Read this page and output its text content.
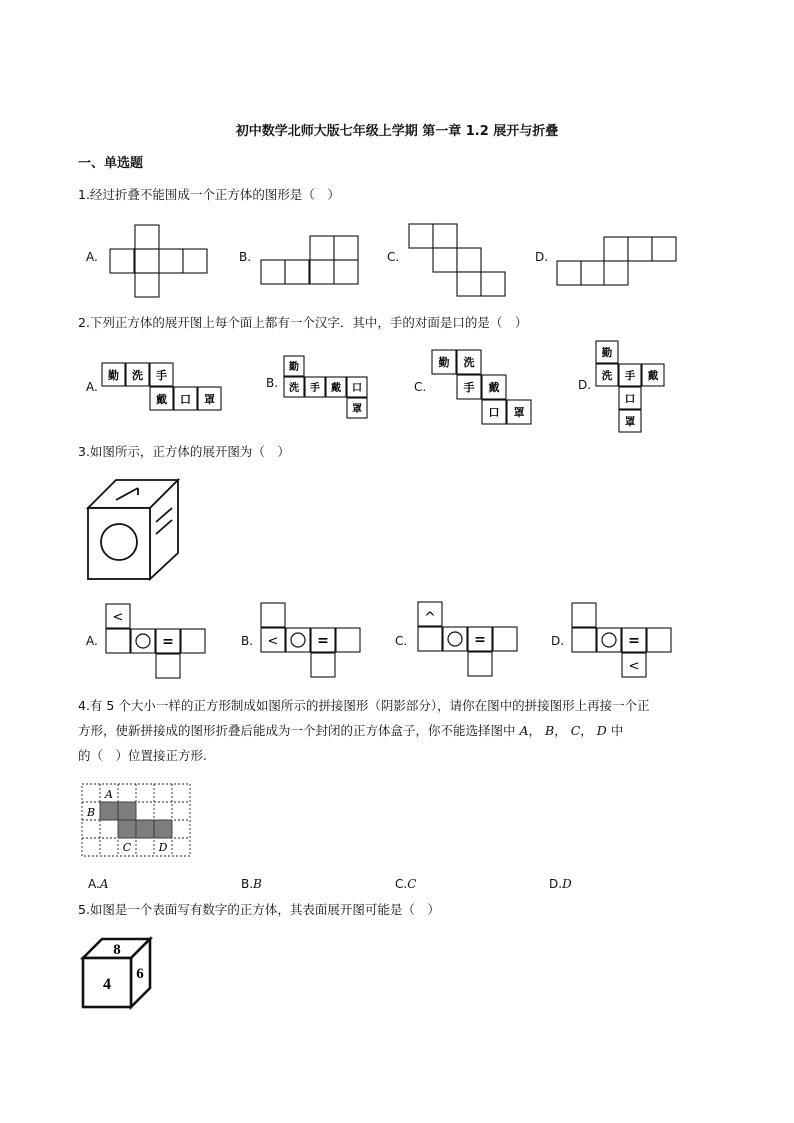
初中数学北师大版七年级上学期 第一章 1.2 展开与折叠
一、单选题
1.经过折叠不能围成一个正方体的图形是（　）
A.	B.	C.	D.
2.下列正方体的展开图上每个面上都有一个汉字．其中，手的对面是口的是（　）
A.
勤 洗 手
戴 口 罩
B.
勤
洗 手 戴 口
罩
C.
勤 洗
手 戴
口 罩
D.
勤
洗 手 戴
口
罩
3.如图所示，正方体的展开图为（　）
A.
<
=	B. <	=	C.
^
=	D.	=
<
4.有 5 个大小一样的正方形制成如图所示的拼接图形（阴影部分），请你在图中的拼接图形上再接一个正
方形，使新拼接成的图形折叠后能成为一个封闭的正方体盒子，你不能选择图中 A， B， C， D 中
的（　）位置接正方形.
A
B
C D
A.A	B.B	C.C	D.D
5.如图是一个表面写有数字的正方体，其表面展开图可能是（　）
8
4
6
